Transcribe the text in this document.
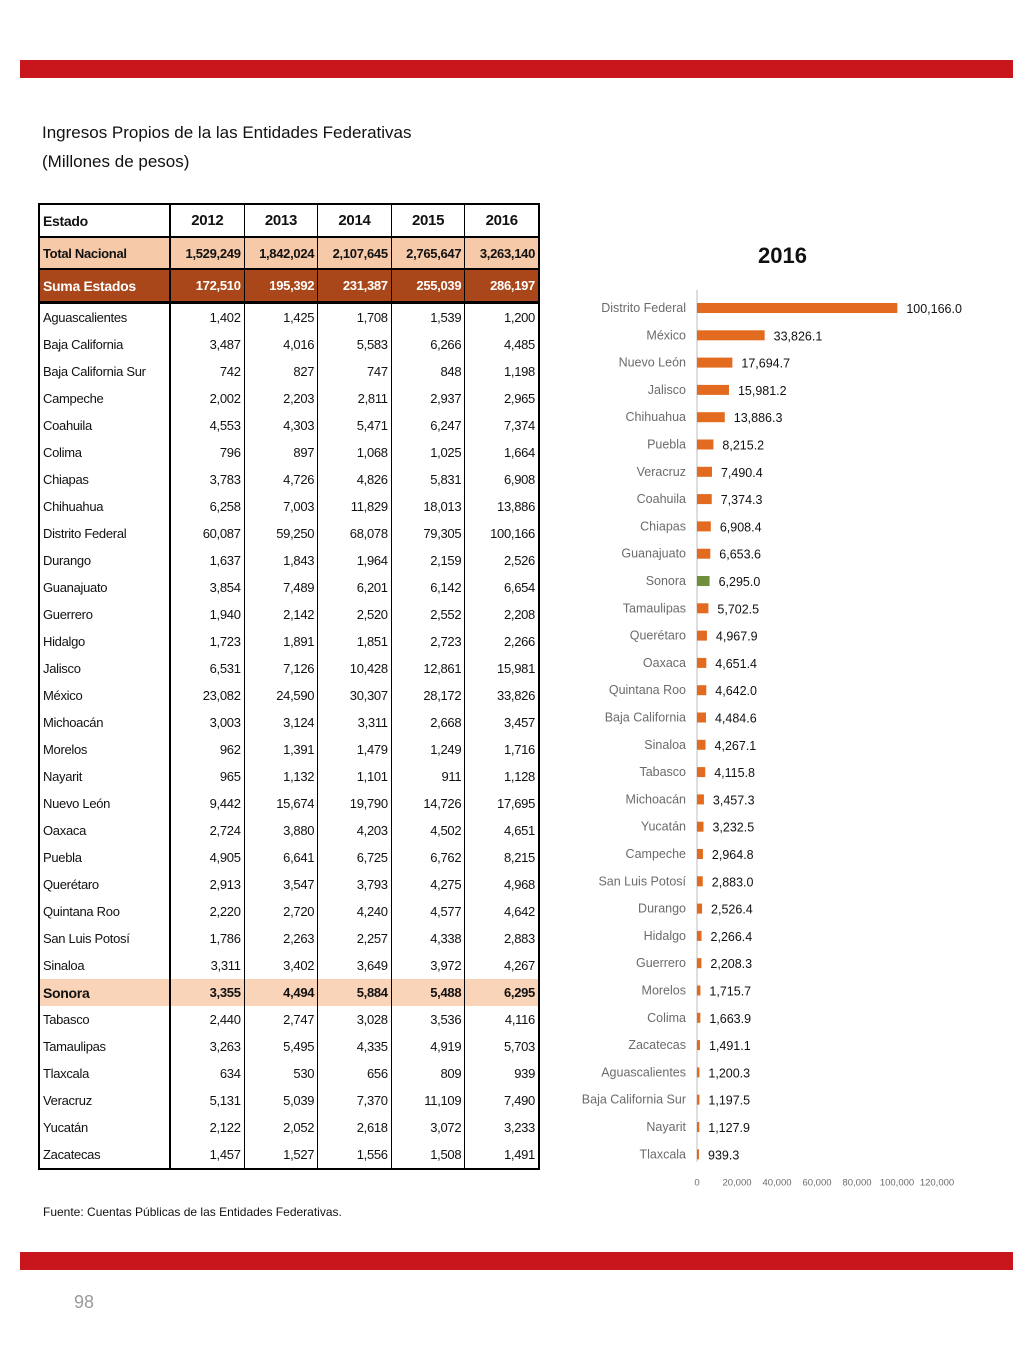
Ingresos Propios de la las Entidades Federativas
(Millones de pesos)
Estado	2012	2013	2014	2015	2016
Total Nacional	1,529,249	1,842,024	2,107,645	2,765,647	3,263,140
Suma Estados	172,510	195,392	231,387	255,039	286,197
Aguascalientes	1,402	1,425	1,708	1,539	1,200
Baja California	3,487	4,016	5,583	6,266	4,485
Baja California Sur	742	827	747	848	1,198
Campeche	2,002	2,203	2,811	2,937	2,965
Coahuila	4,553	4,303	5,471	6,247	7,374
Colima	796	897	1,068	1,025	1,664
Chiapas	3,783	4,726	4,826	5,831	6,908
Chihuahua	6,258	7,003	11,829	18,013	13,886
Distrito Federal	60,087	59,250	68,078	79,305	100,166
Durango	1,637	1,843	1,964	2,159	2,526
Guanajuato	3,854	7,489	6,201	6,142	6,654
Guerrero	1,940	2,142	2,520	2,552	2,208
Hidalgo	1,723	1,891	1,851	2,723	2,266
Jalisco	6,531	7,126	10,428	12,861	15,981
México	23,082	24,590	30,307	28,172	33,826
Michoacán	3,003	3,124	3,311	2,668	3,457
Morelos	962	1,391	1,479	1,249	1,716
Nayarit	965	1,132	1,101	911	1,128
Nuevo León	9,442	15,674	19,790	14,726	17,695
Oaxaca	2,724	3,880	4,203	4,502	4,651
Puebla	4,905	6,641	6,725	6,762	8,215
Querétaro	2,913	3,547	3,793	4,275	4,968
Quintana Roo	2,220	2,720	4,240	4,577	4,642
San Luis Potosí	1,786	2,263	2,257	4,338	2,883
Sinaloa	3,311	3,402	3,649	3,972	4,267
Sonora	3,355	4,494	5,884	5,488	6,295
Tabasco	2,440	2,747	3,028	3,536	4,116
Tamaulipas	3,263	5,495	4,335	4,919	5,703
Tlaxcala	634	530	656	809	939
Veracruz	5,131	5,039	7,370	11,109	7,490
Yucatán	2,122	2,052	2,618	3,072	3,233
Zacatecas	1,457	1,527	1,556	1,508	1,491
2016
Distrito Federal	100,166.0
México	33,826.1
Nuevo León	17,694.7
Jalisco	15,981.2
Chihuahua	13,886.3
Puebla	8,215.2
Veracruz	7,490.4
Coahuila	7,374.3
Chiapas	6,908.4
Guanajuato	6,653.6
Sonora	6,295.0
Tamaulipas	5,702.5
Querétaro 4,967.9
Oaxaca 4,651.4
Quintana Roo 4,642.0
Baja California 4,484.6
Sinaloa 4,267.1
Tabasco 4,115.8
Michoacán 3,457.3
Yucatán 3,232.5
Campeche 2,964.8
San Luis Potosí 2,883.0
Durango 2,526.4
Hidalgo 2,266.4
Guerrero 2,208.3
Morelos 1,715.7
Colima 1,663.9
Zacatecas 1,491.1
Aguascalientes 1,200.3
Baja California Sur 1,197.5
Nayarit 1,127.9
Tlaxcala 939.3
0 20,000 40,000 60,000 80,000 100,000 120,000
Fuente: Cuentas Públicas de las Entidades Federativas.
98
